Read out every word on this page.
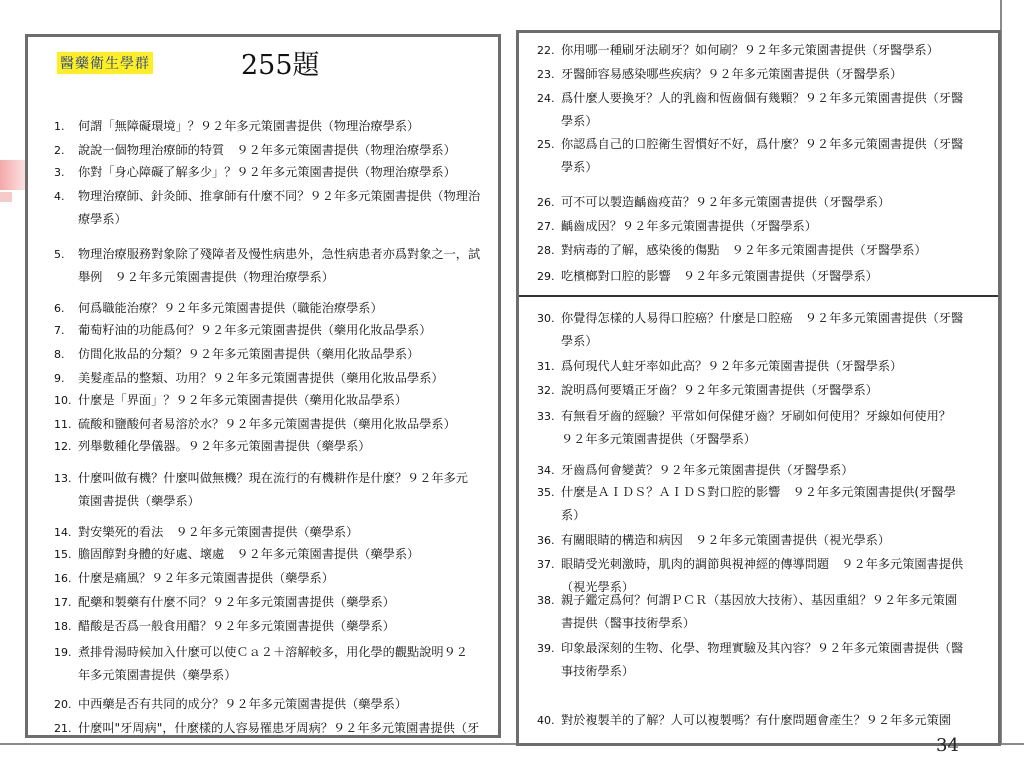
醫藥衛生學群	255題
1. 何謂「無障礙環境」？９２年多元策園書提供（物理治療學系）
2. 說說一個物理治療師的特質　９２年多元策園書提供（物理治療學系）
3. 你對「身心障礙了解多少」？９２年多元策園書提供（物理治療學系）
4. 物理治療師、針灸師、推拿師有什麼不同？９２年多元策園書提供（物理治
療學系）
5. 物理治療服務對象除了殘障者及慢性病患外，急性病患者亦爲對象之一，試
舉例　９２年多元策園書提供（物理治療學系）
6. 何爲職能治療？９２年多元策園書提供（職能治療學系）
7. 葡萄籽油的功能爲何？９２年多元策園書提供（藥用化妝品學系）
8. 仿間化妝品的分類？９２年多元策園書提供（藥用化妝品學系）
9. 美髮產品的整類、功用？９２年多元策園書提供（藥用化妝品學系）
10. 什麼是「界面」？９２年多元策園書提供（藥用化妝品學系）
11. 硫酸和鹽酸何者易溶於水？９２年多元策園書提供（藥用化妝品學系）
12. 列舉數種化學儀器。９２年多元策園書提供（藥學系）
13. 什麼叫做有機？什麼叫做無機？現在流行的有機耕作是什麼？９２年多元
策園書提供（藥學系）
14. 對安樂死的看法　９２年多元策園書提供（藥學系）
15. 膽固醇對身體的好處、壞處　９２年多元策園書提供（藥學系）
16. 什麼是痛風？９２年多元策園書提供（藥學系）
17. 配藥和製藥有什麼不同？９２年多元策園書提供（藥學系）
18. 醋酸是否爲一般食用醋？９２年多元策園書提供（藥學系）
19. 煮排骨湯時候加入什麼可以使Ｃａ２＋溶解較多，用化學的觀點說明９２
年多元策園書提供（藥學系）
20. 中西藥是否有共同的成分？９２年多元策園書提供（藥學系）
21. 什麼叫"牙周病"，什麼樣的人容易罹患牙周病？９２年多元策園書提供（牙
22. 你用哪一種刷牙法刷牙？如何刷？９２年多元策園書提供（牙醫學系）
23. 牙醫師容易感染哪些疾病？９２年多元策園書提供（牙醫學系）
24. 爲什麼人要換牙？人的乳齒和恆齒個有幾顆？９２年多元策園書提供（牙醫
學系）
25. 你認爲自己的口腔衛生習慣好不好，爲什麼？９２年多元策園書提供（牙醫
學系）
26. 可不可以製造齲齒疫苗？９２年多元策園書提供（牙醫學系）
27. 齲齒成因？９２年多元策園書提供（牙醫學系）
28. 對病毒的了解，感染後的傷點　９２年多元策園書提供（牙醫學系）
29. 吃檳榔對口腔的影響　９２年多元策園書提供（牙醫學系）
30. 你覺得怎樣的人易得口腔癌？什麼是口腔癌　９２年多元策園書提供（牙醫
學系）
31. 爲何現代人蛀牙率如此高？９２年多元策園書提供（牙醫學系）
32. 說明爲何要矯正牙齒？９２年多元策園書提供（牙醫學系）
33. 有無看牙齒的經驗？平常如何保健牙齒？牙刷如何使用？牙線如何使用？
９２年多元策園書提供（牙醫學系）
34. 牙齒爲何會變黃？９２年多元策園書提供（牙醫學系）
35. 什麼是ＡＩＤＳ？ＡＩＤＳ對口腔的影響　９２年多元策園書提供(牙醫學
系）
36. 有關眼睛的構造和病因　９２年多元策園書提供（視光學系）
37. 眼睛受光刺激時，肌肉的調節與視神經的傳導問題　９２年多元策園書提供
（視光學系）
38. 親子鑑定爲何？何謂ＰＣＲ（基因放大技術）、基因重組？９２年多元策園
書提供（醫事技術學系）
39. 印象最深刻的生物、化學、物理實驗及其內容？９２年多元策園書提供（醫
事技術學系）
40. 對於複製羊的了解？人可以複製嗎？有什麼問題會產生？９２年多元策園
34
